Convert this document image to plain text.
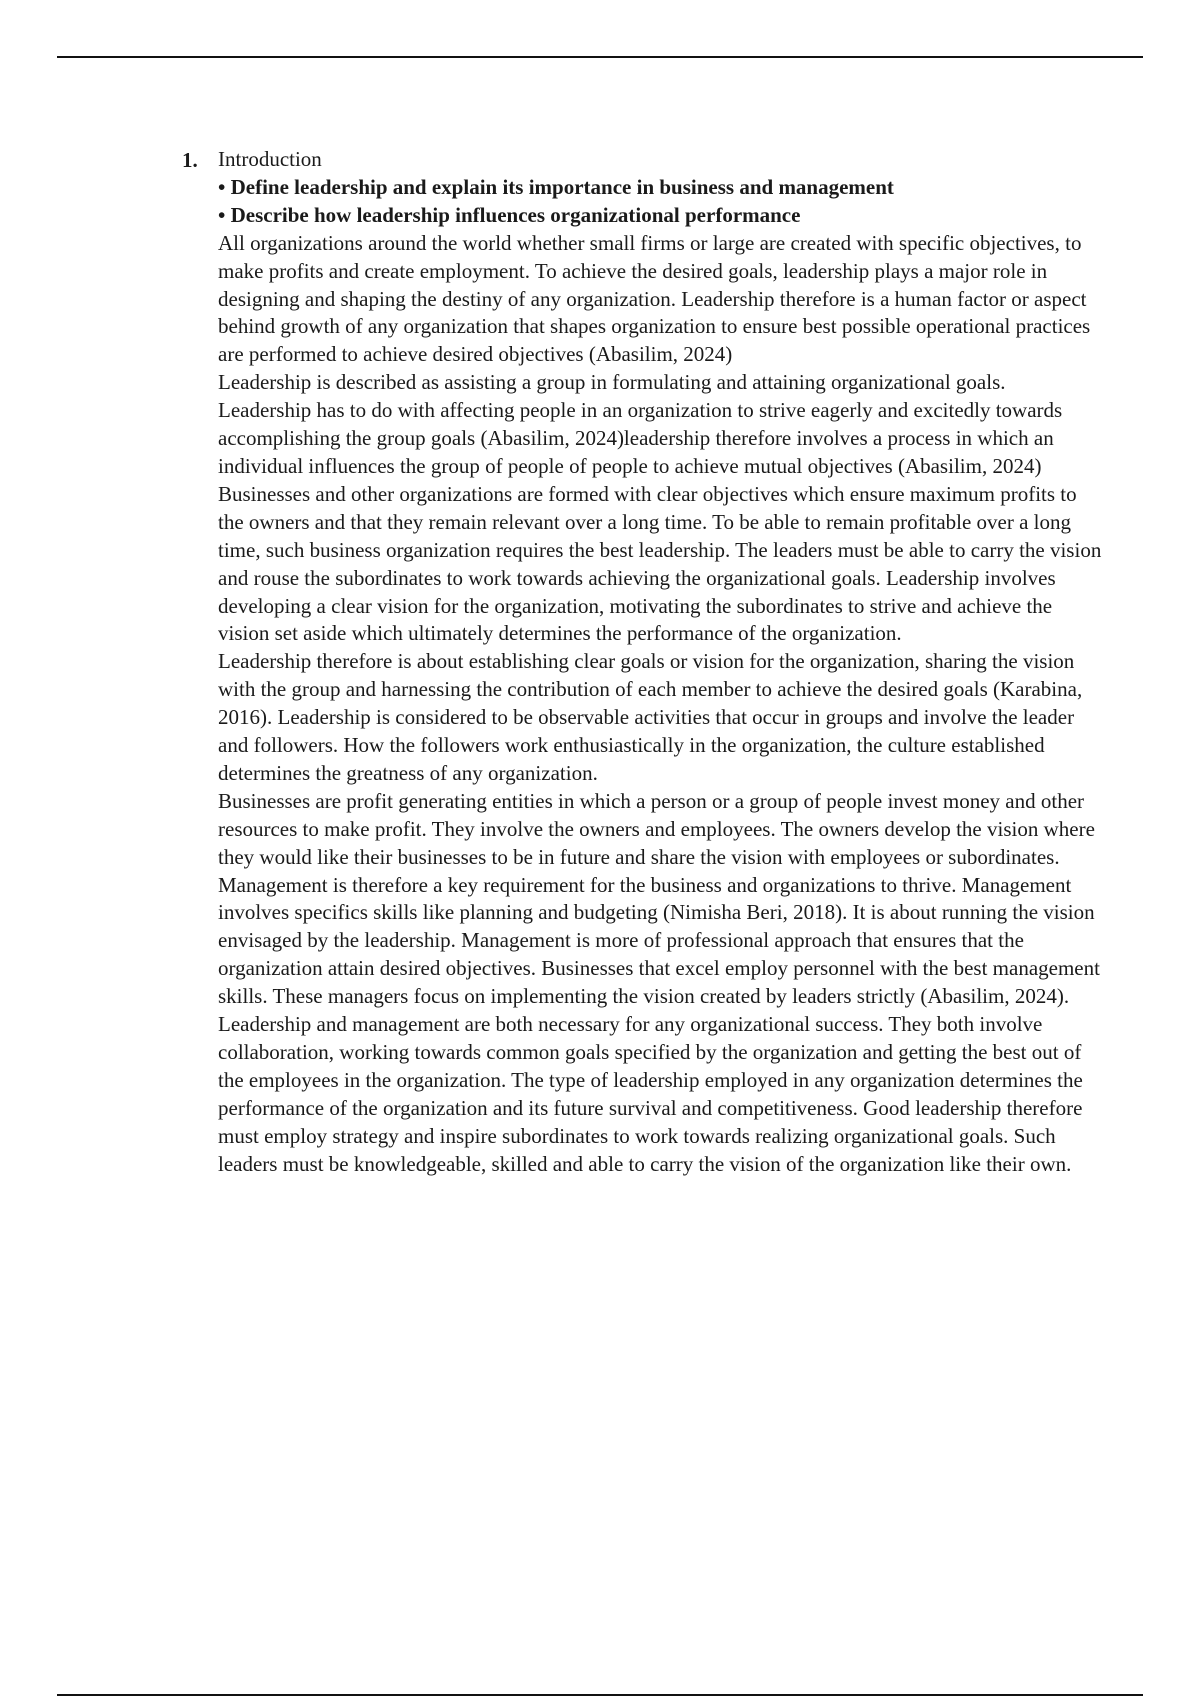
1. Introduction

• Define leadership and explain its importance in business and management

• Describe how leadership influences organizational performance

All organizations around the world whether small firms or large are created with specific objectives, to make profits and create employment. To achieve the desired goals, leadership plays a major role in designing and shaping the destiny of any organization. Leadership therefore is a human factor or aspect behind growth of any organization that shapes organization to ensure best possible operational practices are performed to achieve desired objectives (Abasilim, 2024)

Leadership is described as assisting a group in formulating and attaining organizational goals. Leadership has to do with affecting people in an organization to strive eagerly and excitedly towards accomplishing the group goals (Abasilim, 2024)leadership therefore involves a process in which an individual influences the group of people of people to achieve mutual objectives (Abasilim, 2024)

Businesses and other organizations are formed with clear objectives which ensure maximum profits to the owners and that they remain relevant over a long time. To be able to remain profitable over a long time, such business organization requires the best leadership. The leaders must be able to carry the vision and rouse the subordinates to work towards achieving the organizational goals. Leadership involves developing a clear vision for the organization, motivating the subordinates to strive and achieve the vision set aside which ultimately determines the performance of the organization.

Leadership therefore is about establishing clear goals or vision for the organization, sharing the vision with the group and harnessing the contribution of each member to achieve the desired goals (Karabina, 2016). Leadership is considered to be observable activities that occur in groups and involve the leader and followers. How the followers work enthusiastically in the organization, the culture established determines the greatness of any organization.

Businesses are profit generating entities in which a person or a group of people invest money and other resources to make profit. They involve the owners and employees. The owners develop the vision where they would like their businesses to be in future and share the vision with employees or subordinates. Management is therefore a key requirement for the business and organizations to thrive. Management involves specifics skills like planning and budgeting (Nimisha Beri, 2018). It is about running the vision envisaged by the leadership. Management is more of professional approach that ensures that the organization attain desired objectives. Businesses that excel employ personnel with the best management skills. These managers focus on implementing the vision created by leaders strictly (Abasilim, 2024). Leadership and management are both necessary for any organizational success. They both involve collaboration, working towards common goals specified by the organization and getting the best out of the employees in the organization. The type of leadership employed in any organization determines the performance of the organization and its future survival and competitiveness. Good leadership therefore must employ strategy and inspire subordinates to work towards realizing organizational goals. Such leaders must be knowledgeable, skilled and able to carry the vision of the organization like their own.
